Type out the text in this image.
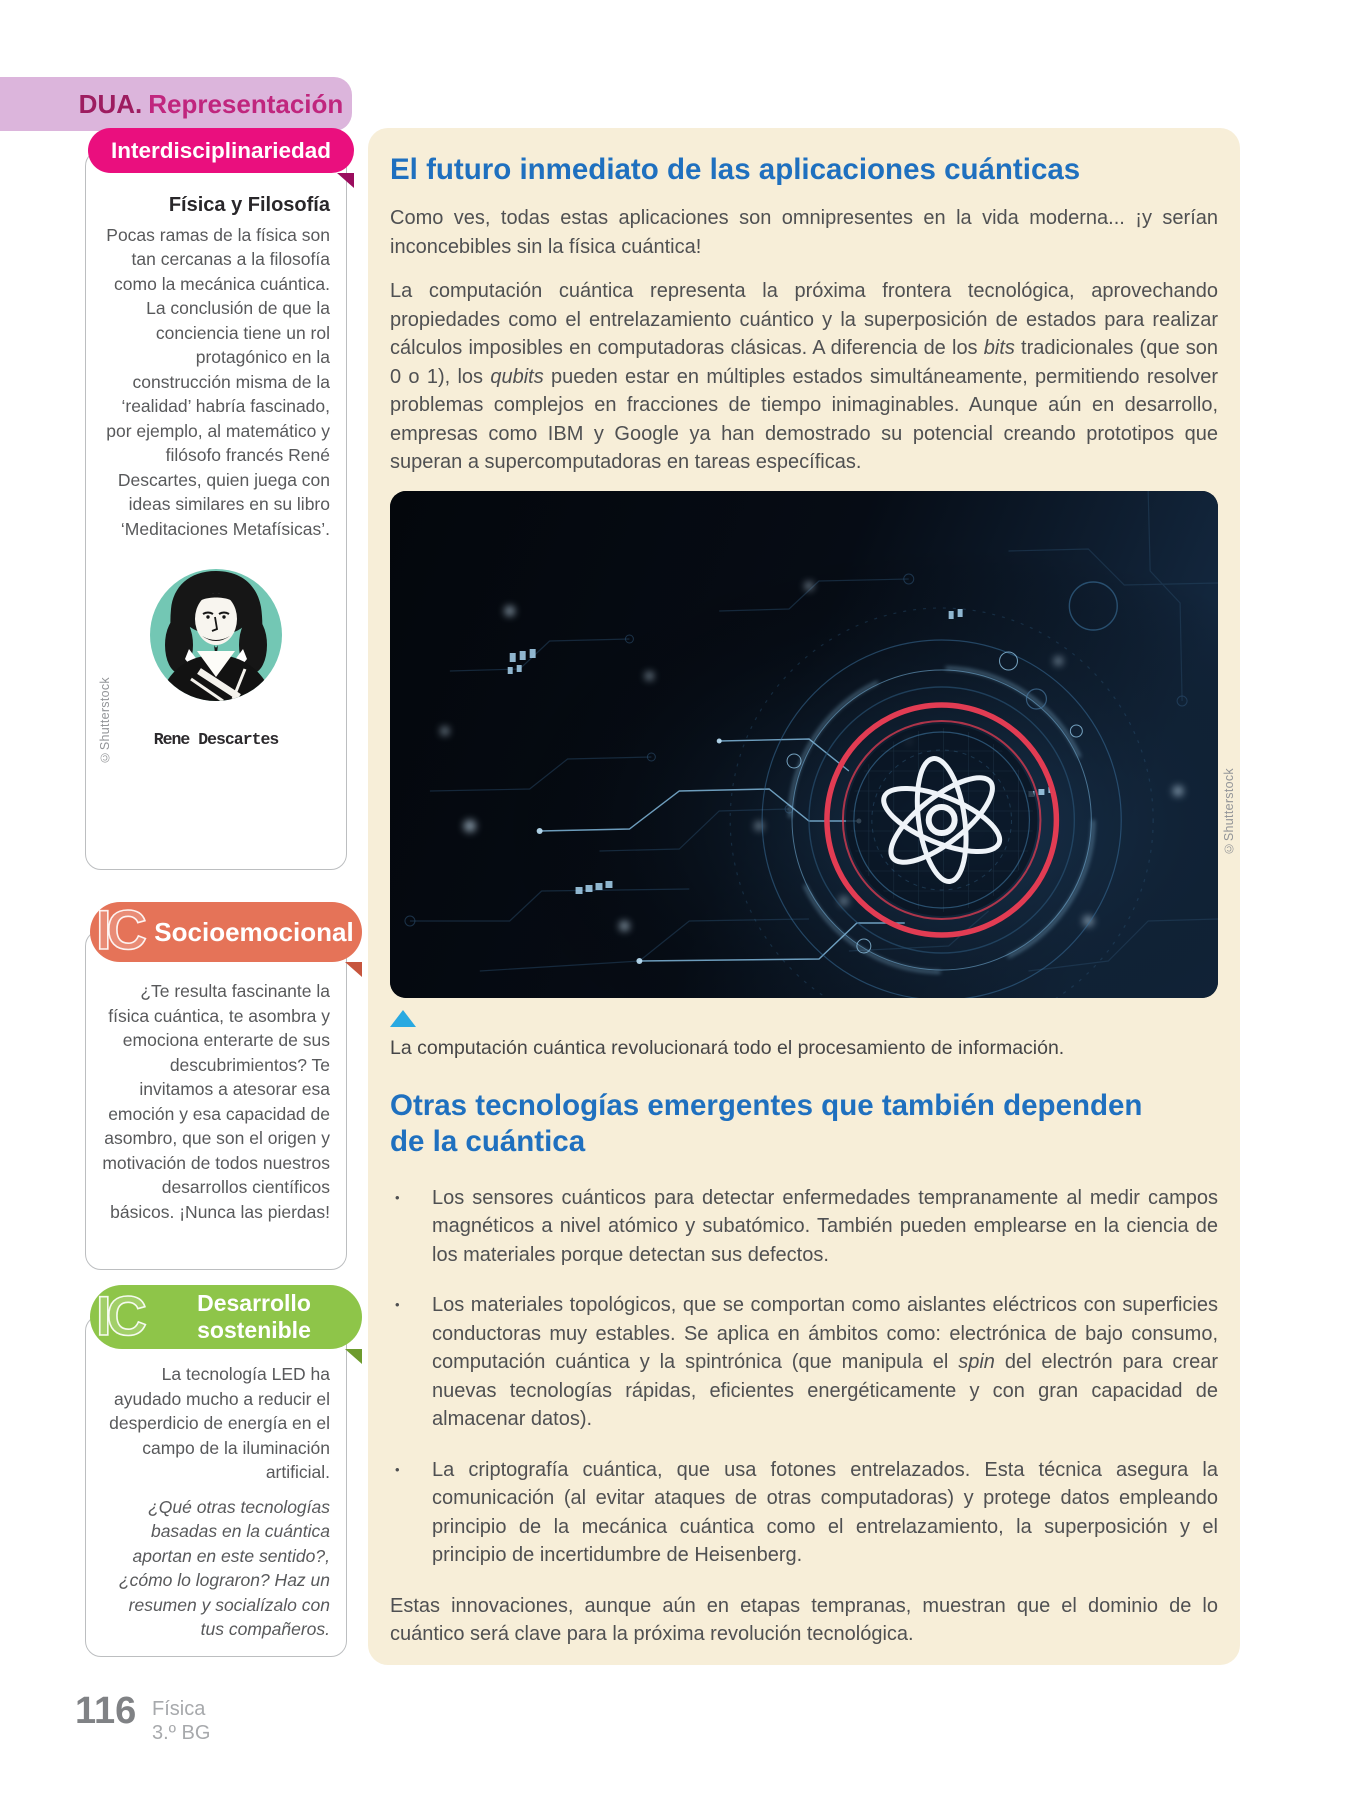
DUA. Representación
Interdisciplinariedad
Física y Filosofía
Pocas ramas de la física son tan cercanas a la filosofía como la mecánica cuántica. La conclusión de que la conciencia tiene un rol protagónico en la construcción misma de la ‘realidad’ habría fascinado, por ejemplo, al matemático y filósofo francés René Descartes, quien juega con ideas similares en su libro ‘Meditaciones Metafísicas’.
Rene Descartes
©Shutterstock
IC Socioemocional
¿Te resulta fascinante la física cuántica, te asombra y emociona enterarte de sus descubrimientos? Te invitamos a atesorar esa emoción y esa capacidad de asombro, que son el origen y motivación de todos nuestros desarrollos científicos básicos. ¡Nunca las pierdas!
IC	Desarrollo
sostenible
La tecnología LED ha ayudado mucho a reducir el desperdicio de energía en el campo de la iluminación artificial.
¿Qué otras tecnologías basadas en la cuántica aportan en este sentido?, ¿cómo lo lograron? Haz un resumen y socialízalo con tus compañeros.
El futuro inmediato de las aplicaciones cuánticas

Como ves, todas estas aplicaciones son omnipresentes en la vida moderna... ¡y serían inconcebibles sin la física cuántica!

La computación cuántica representa la próxima frontera tecnológica, aprovechando propiedades como el entrelazamiento cuántico y la superposición de estados para realizar cálculos imposibles en computadoras clásicas. A diferencia de los bits tradicionales (que son 0 o 1), los qubits pueden estar en múltiples estados simultáneamente, permitiendo resolver problemas complejos en fracciones de tiempo inimaginables. Aunque aún en desarrollo, empresas como IBM y Google ya han demostrado su potencial creando prototipos que superan a supercomputadoras en tareas específicas.

©Shutterstock
La computación cuántica revolucionará todo el procesamiento de información.
Otras tecnologías emergentes que también dependen de la cuántica
• Los sensores cuánticos para detectar enfermedades tempranamente al medir campos magnéticos a nivel atómico y subatómico. También pueden emplearse en la ciencia de los materiales porque detectan sus defectos.
• Los materiales topológicos, que se comportan como aislantes eléctricos con superficies conductoras muy estables. Se aplica en ámbitos como: electrónica de bajo consumo, computación cuántica y la spintrónica (que manipula el spin del electrón para crear nuevas tecnologías rápidas, eficientes energéticamente y con gran capacidad de almacenar datos).
• La criptografía cuántica, que usa fotones entrelazados. Esta técnica asegura la comunicación (al evitar ataques de otras computadoras) y protege datos empleando principio de la mecánica cuántica como el entrelazamiento, la superposición y el principio de incertidumbre de Heisenberg.

Estas innovaciones, aunque aún en etapas tempranas, muestran que el dominio de lo cuántico será clave para la próxima revolución tecnológica.

116 Física
3.º BG
